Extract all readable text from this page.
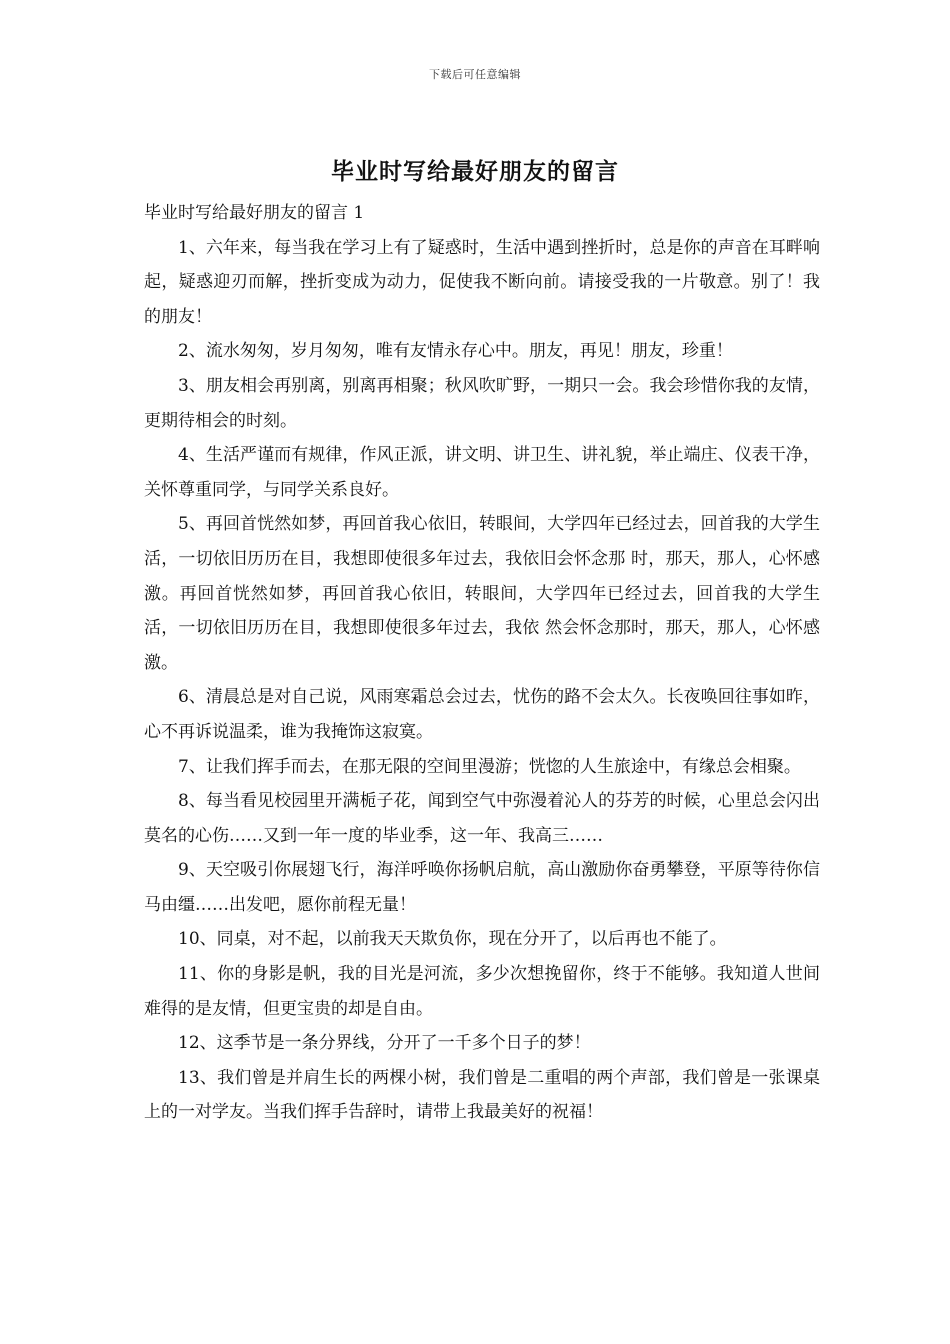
下载后可任意编辑
毕业时写给最好朋友的留言

毕业时写给最好朋友的留言 1

1、六年来，每当我在学习上有了疑惑时，生活中遇到挫折时，总是你的声音在耳畔响起，疑惑迎刃而解，挫折变成为动力，促使我不断向前。请接受我的一片敬意。别了！我的朋友！

2、流水匆匆，岁月匆匆，唯有友情永存心中。朋友，再见！朋友，珍重！

3、朋友相会再别离，别离再相聚；秋风吹旷野，一期只一会。我会珍惜你我的友情，更期待相会的时刻。

4、生活严谨而有规律，作风正派，讲文明、讲卫生、讲礼貌，举止端庄、仪表干净，关怀尊重同学，与同学关系良好。

5、再回首恍然如梦，再回首我心依旧，转眼间，大学四年已经过去，回首我的大学生活，一切依旧历历在目，我想即使很多年过去，我依旧会怀念那 时，那天，那人，心怀感激。再回首恍然如梦，再回首我心依旧，转眼间，大学四年已经过去，回首我的大学生活，一切依旧历历在目，我想即使很多年过去，我依 然会怀念那时，那天，那人，心怀感激。

6、清晨总是对自己说，风雨寒霜总会过去，忧伤的路不会太久。长夜唤回往事如昨，心不再诉说温柔，谁为我掩饰这寂寞。

7、让我们挥手而去，在那无限的空间里漫游；恍惚的人生旅途中，有缘总会相聚。

8、每当看见校园里开满栀子花，闻到空气中弥漫着沁人的芬芳的时候，心里总会闪出莫名的心伤……又到一年一度的毕业季，这一年、我高三……

9、天空吸引你展翅飞行，海洋呼唤你扬帆启航，高山激励你奋勇攀登，平原等待你信马由缰……出发吧，愿你前程无量！

10、同桌，对不起，以前我天天欺负你，现在分开了，以后再也不能了。

11、你的身影是帆，我的目光是河流，多少次想挽留你，终于不能够。我知道人世间难得的是友情，但更宝贵的却是自由。

12、这季节是一条分界线，分开了一千多个日子的梦！

13、我们曾是并肩生长的两棵小树，我们曾是二重唱的两个声部，我们曾是一张课桌上的一对学友。当我们挥手告辞时，请带上我最美好的祝福！
